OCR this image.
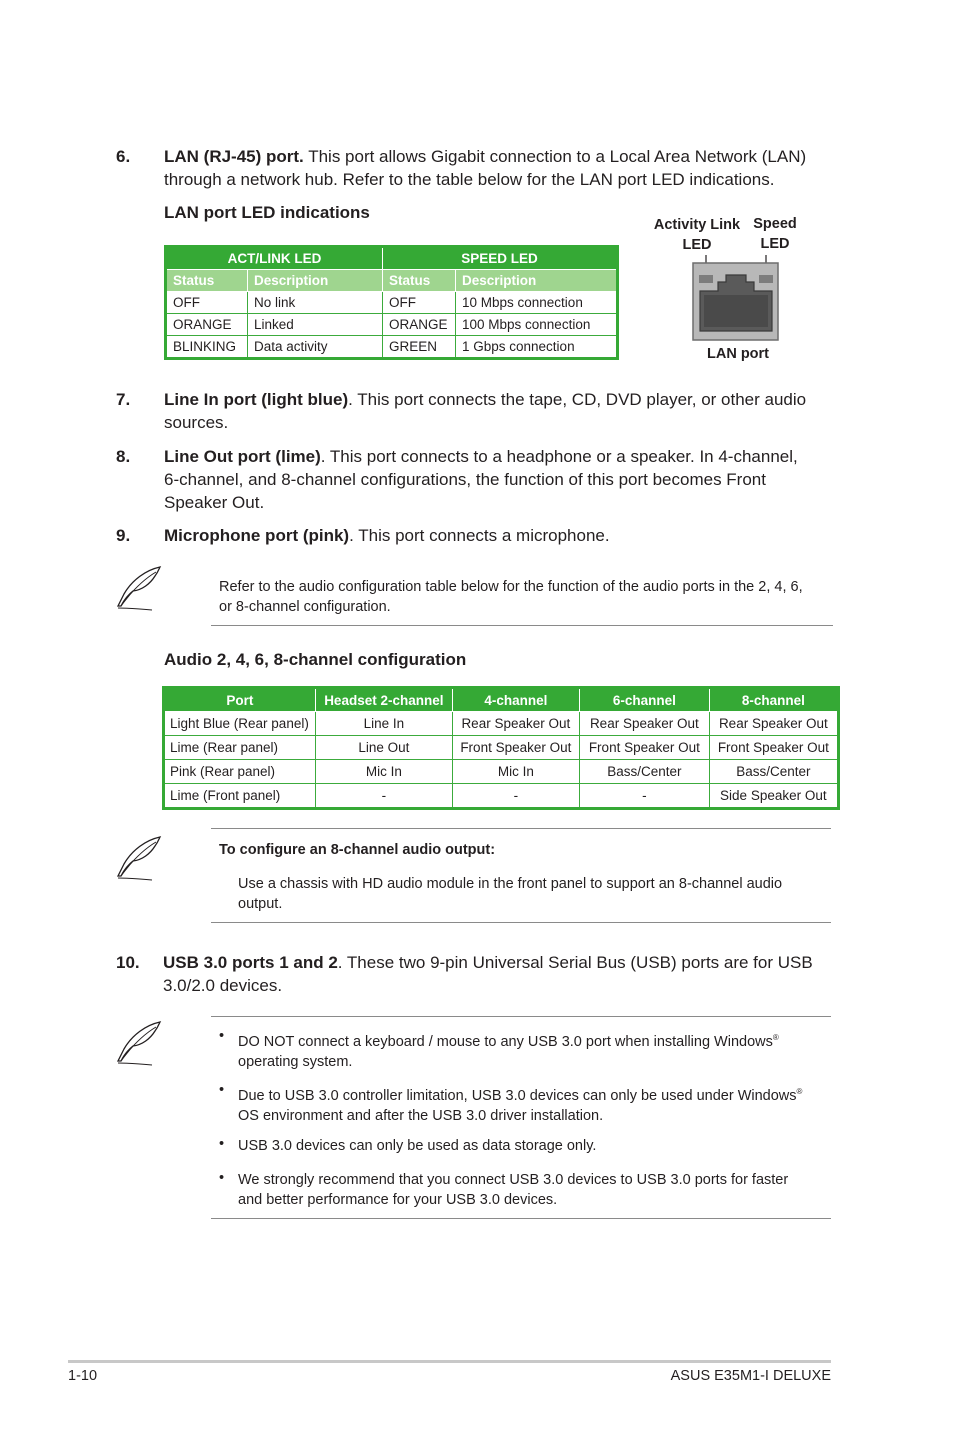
6. LAN (RJ-45) port. This port allows Gigabit connection to a Local Area Network (LAN)
through a network hub. Refer to the table below for the LAN port LED indications.
LAN port LED indications
ACT/LINK LED		SPEED LED	
Status	Description	Status	Description
OFF	No link	OFF	10 Mbps connection
ORANGE	Linked	ORANGE	100 Mbps connection
BLINKING	Data activity	GREEN	1 Gbps connection
Activity Link
LED
Speed
LED
LAN port
7. Line In port (light blue). This port connects the tape, CD, DVD player, or other audio
sources.
8. Line Out port (lime). This port connects to a headphone or a speaker. In 4-channel,
6-channel, and 8-channel configurations, the function of this port becomes Front
Speaker Out.
9. Microphone port (pink). This port connects a microphone.
Refer to the audio configuration table below for the function of the audio ports in the 2, 4, 6,
or 8-channel configuration.
Audio 2, 4, 6, 8-channel configuration
Port	Headset 2-channel	4-channel	6-channel	8-channel
Light Blue (Rear panel)	Line In	Rear Speaker Out	Rear Speaker Out	Rear Speaker Out
Lime (Rear panel)	Line Out	Front Speaker Out	Front Speaker Out	Front Speaker Out
Pink (Rear panel)	Mic In	Mic In	Bass/Center	Bass/Center
Lime (Front panel)	-	-	-	Side Speaker Out
To configure an 8-channel audio output:
Use a chassis with HD audio module in the front panel to support an 8-channel audio
output.
10. USB 3.0 ports 1 and 2. These two 9-pin Universal Serial Bus (USB) ports are for USB
3.0/2.0 devices.
• DO NOT connect a keyboard / mouse to any USB 3.0 port when installing Windows®
operating system.
• Due to USB 3.0 controller limitation, USB 3.0 devices can only be used under Windows®
OS environment and after the USB 3.0 driver installation.
• USB 3.0 devices can only be used as data storage only.
• We strongly recommend that you connect USB 3.0 devices to USB 3.0 ports for faster
and better performance for your USB 3.0 devices.
1-10	ASUS E35M1-I DELUXE
